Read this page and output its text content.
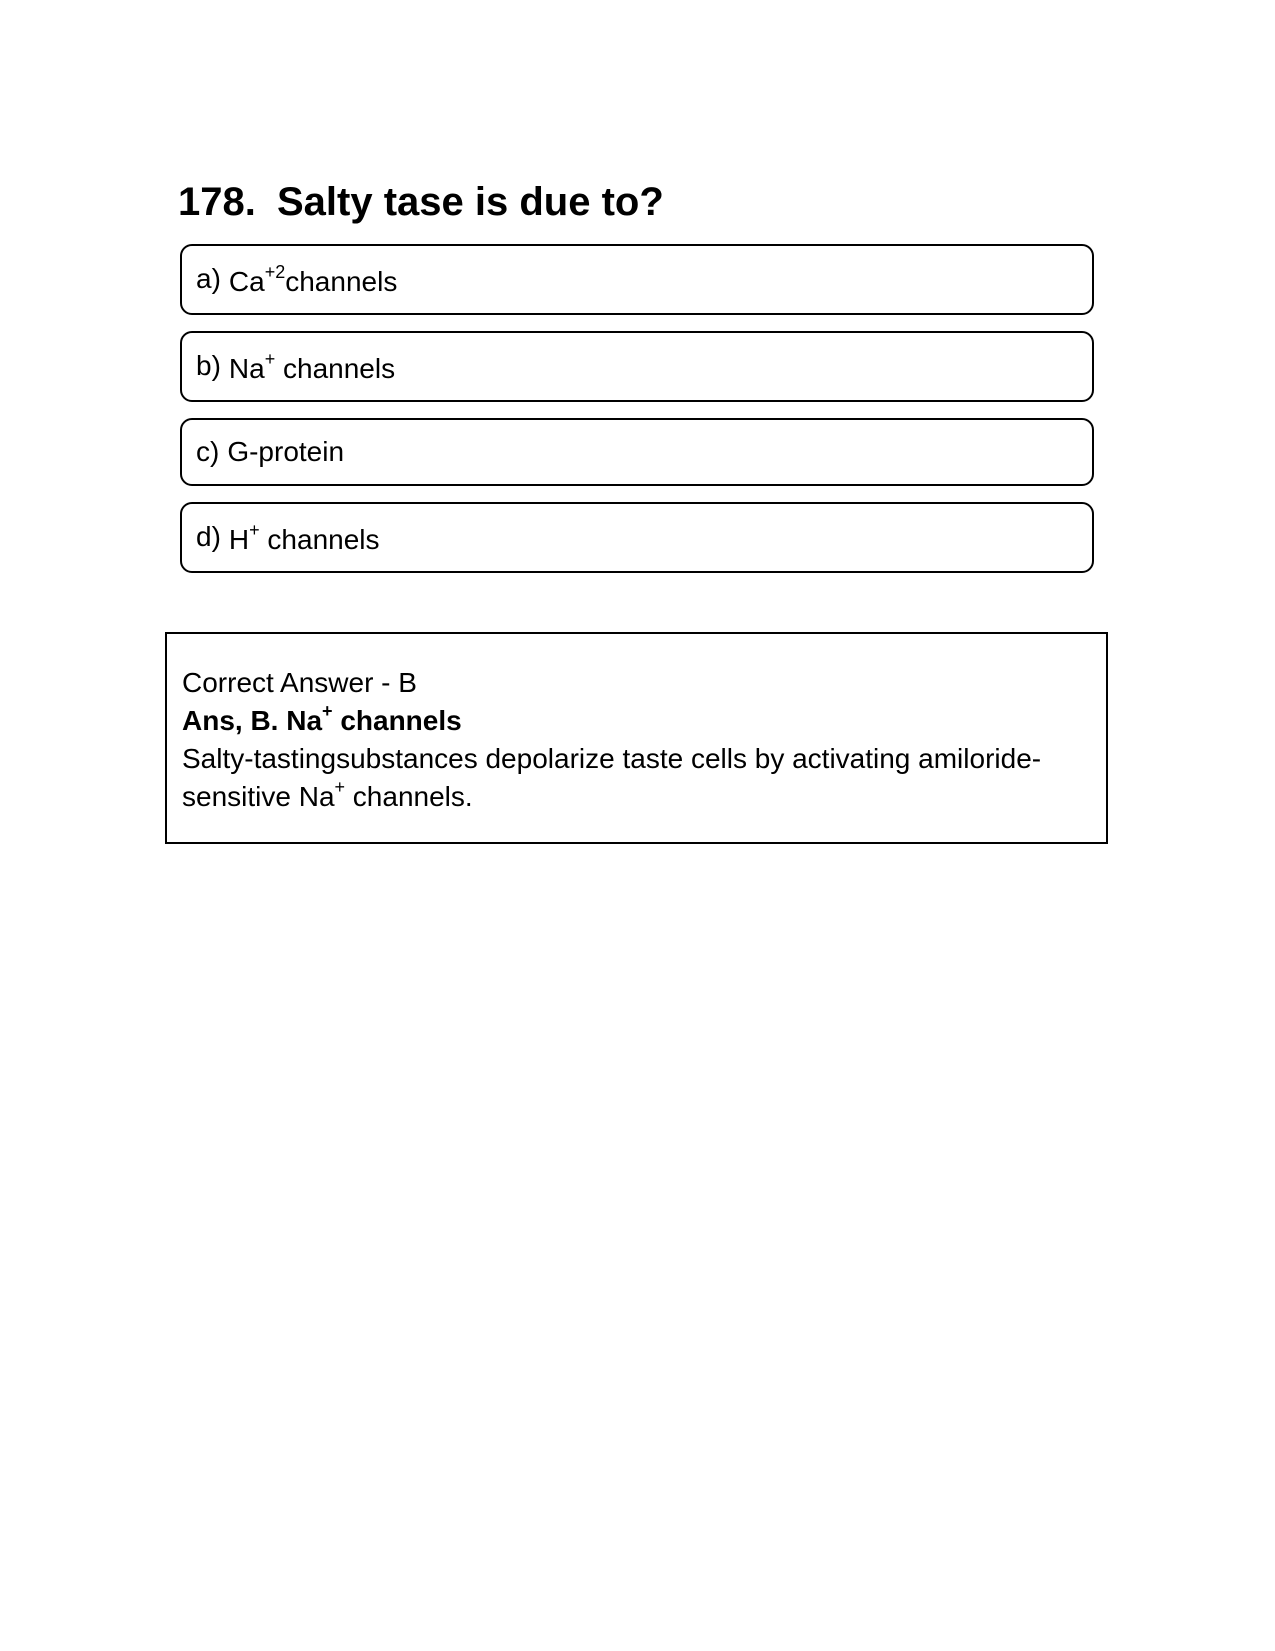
178. Salty tase is due to?
a) $Ca^{+2}channels$
b) Na+ channels
c) G-protein
d) H+ channels

Correct Answer - B

Ans, B. Na+ channels

Salty-tastingsubstances depolarize taste cells by activating amiloride-sensitive Na+ channels.
